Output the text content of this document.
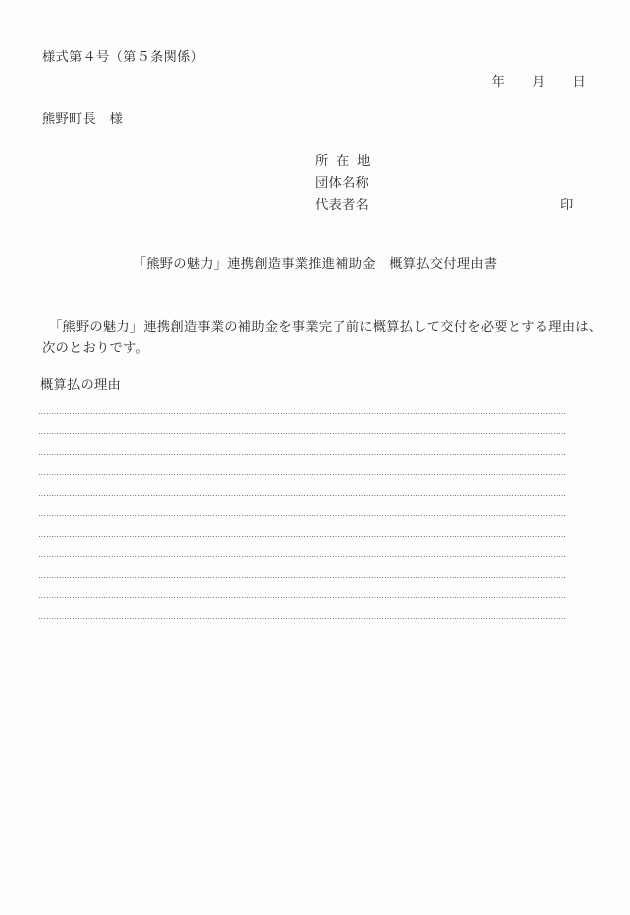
様式第４号（第５条関係）
年　　月　　日
熊野町長　様
所在地
団体名称
代表者名	印
「熊野の魅力」連携創造事業推進補助金　概算払交付理由書
　「熊野の魅力」連携創造事業の補助金を事業完了前に概算払して交付を必要とする理由は、
次のとおりです。
概算払の理由
